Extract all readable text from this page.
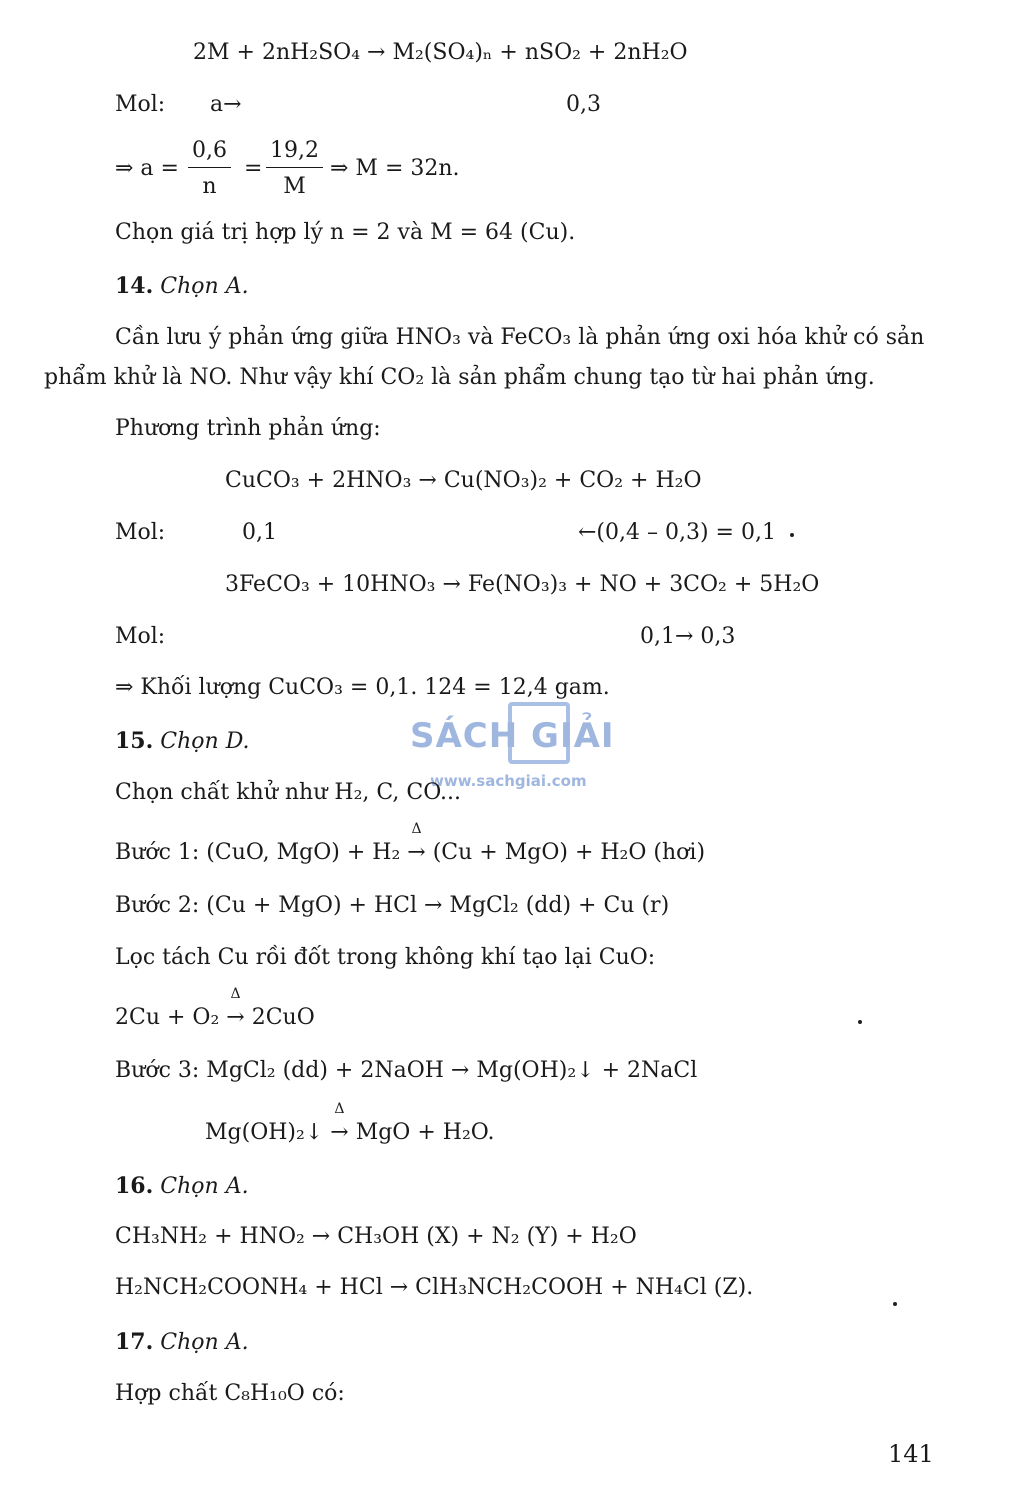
2M + 2nH₂SO₄ → M₂(SO₄)ₙ + nSO₂ + 2nH₂O
Mol: a→	0,3
⇒ $a = \frac{0,6}{n} = \frac{19,2}{M}$ ⇒ M = 32n.
Chọn giá trị hợp lý n = 2 và M = 64 (Cu).
14. Chọn A.
Cần lưu ý phản ứng giữa HNO₃ và FeCO₃ là phản ứng oxi hóa khử có sản
phẩm khử là NO. Như vậy khí CO₂ là sản phẩm chung tạo từ hai phản ứng.
Phương trình phản ứng:
CuCO₃ + 2HNO₃ → Cu(NO₃)₂ + CO₂ + H₂O
Mol:	0,1	←(0,4 – 0,3) = 0,1
3FeCO₃ + 10HNO₃ → Fe(NO₃)₃ + NO + 3CO₂ + 5H₂O
Mol:	0,1→ 0,3
⇒ Khối lượng CuCO₃ = 0,1. 124 = 12,4 gam.
SÁCH GIẢI
www.sachgiai.com
15. Chọn D.
Chọn chất khử như H₂, C, CO...
Bước 1: (CuO, MgO) + H₂
Δ
→ (Cu + MgO) + H₂O (hơi)
Bước 2: (Cu + MgO) + HCl → MgCl₂ (dd) + Cu (r)
Lọc tách Cu rồi đốt trong không khí tạo lại CuO:
2Cu + O₂
Δ
→ 2CuO
Bước 3: MgCl₂ (dd) + 2NaOH → Mg(OH)₂↓ + 2NaCl
Mg(OH)₂↓
Δ
→ MgO + H₂O.
16. Chọn A.
CH₃NH₂ + HNO₂ → CH₃OH (X) + N₂ (Y) + H₂O
H₂NCH₂COONH₄ + HCl → ClH₃NCH₂COOH + NH₄Cl (Z).
17. Chọn A.
Hợp chất C₈H₁₀O có:
141
